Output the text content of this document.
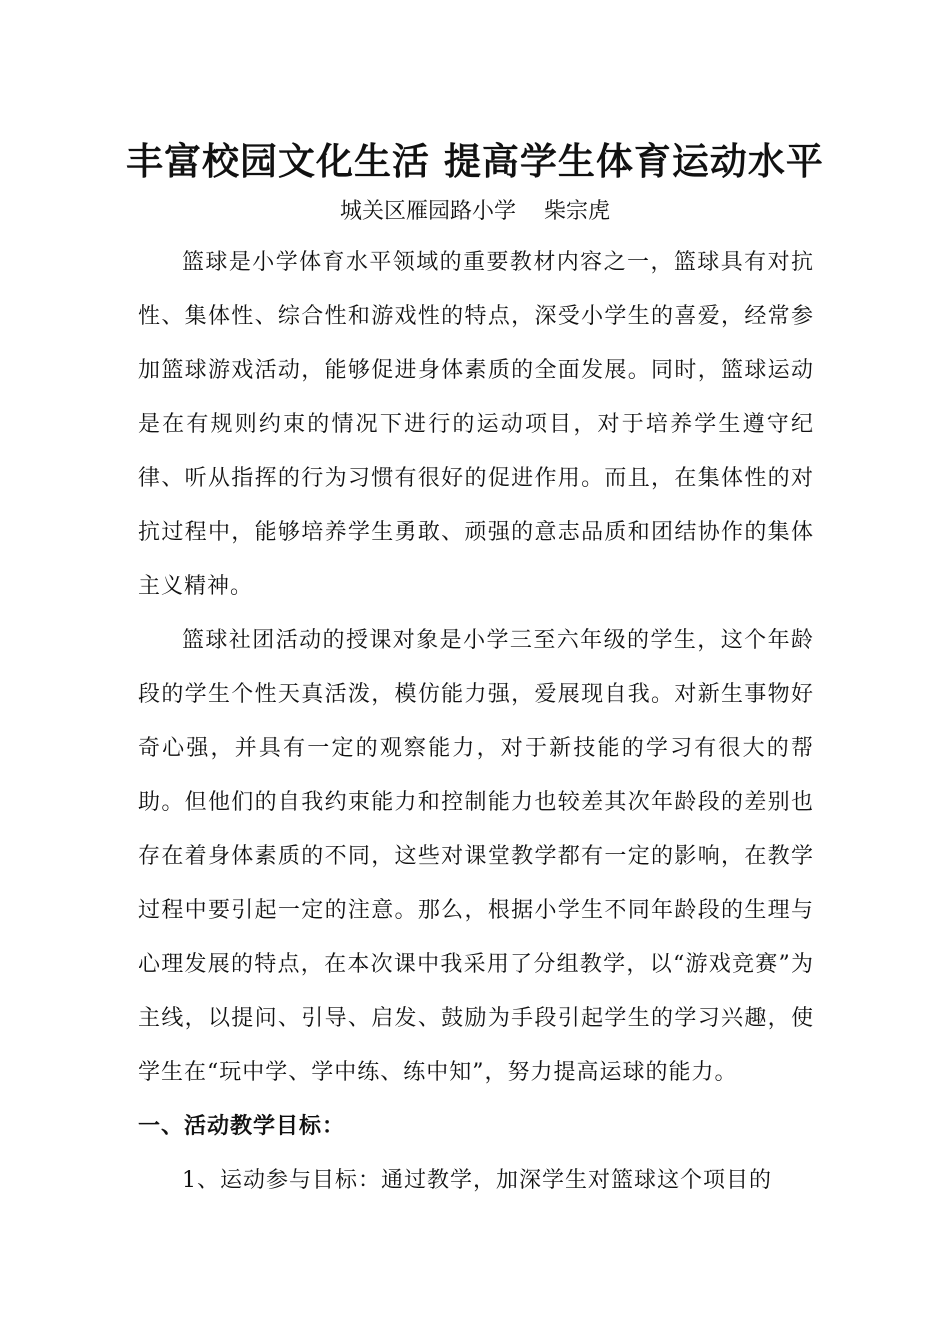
丰富校园文化生活 提高学生体育运动水平
城关区雁园路小学    柴宗虎

篮球是小学体育水平领域的重要教材内容之一，篮球具有对抗性、集体性、综合性和游戏性的特点，深受小学生的喜爱，经常参加篮球游戏活动，能够促进身体素质的全面发展。同时，篮球运动是在有规则约束的情况下进行的运动项目，对于培养学生遵守纪律、听从指挥的行为习惯有很好的促进作用。而且，在集体性的对抗过程中，能够培养学生勇敢、顽强的意志品质和团结协作的集体主义精神。

篮球社团活动的授课对象是小学三至六年级的学生，这个年龄段的学生个性天真活泼，模仿能力强，爱展现自我。对新生事物好奇心强，并具有一定的观察能力，对于新技能的学习有很大的帮助。但他们的自我约束能力和控制能力也较差其次年龄段的差别也存在着身体素质的不同，这些对课堂教学都有一定的影响，在教学过程中要引起一定的注意。那么，根据小学生不同年龄段的生理与心理发展的特点，在本次课中我采用了分组教学，以“游戏竞赛”为主线，以提问、引导、启发、鼓励为手段引起学生的学习兴趣，使学生在“玩中学、学中练、练中知”，努力提高运球的能力。

一、活动教学目标：

1、运动参与目标：通过教学，加深学生对篮球这个项目的
